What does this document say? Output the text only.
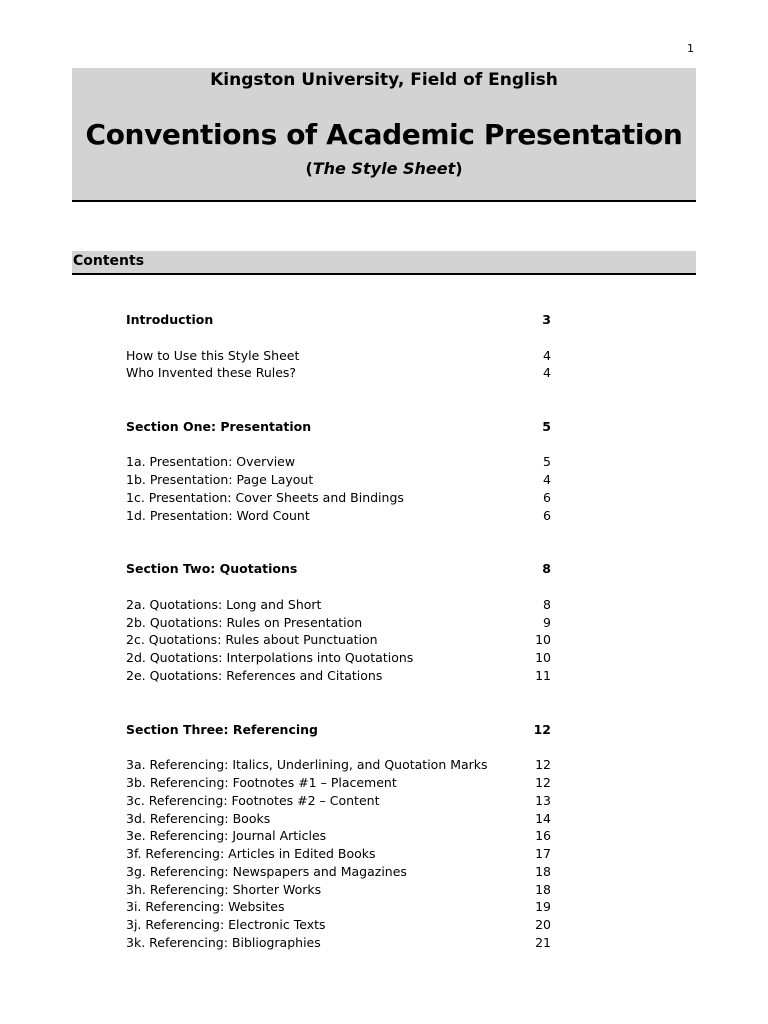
1
Kingston University, Field of English
Conventions of Academic Presentation
(The Style Sheet)
Contents
Introduction	3
How to Use this Style Sheet	4
Who Invented these Rules?	4
Section One: Presentation	5
1a. Presentation: Overview	5
1b. Presentation: Page Layout	4
1c. Presentation: Cover Sheets and Bindings	6
1d. Presentation: Word Count	6
Section Two: Quotations	8
2a. Quotations: Long and Short	8
2b. Quotations: Rules on Presentation	9
2c. Quotations: Rules about Punctuation	10
2d. Quotations: Interpolations into Quotations	10
2e. Quotations: References and Citations	11
Section Three: Referencing	12
3a. Referencing: Italics, Underlining, and Quotation Marks	12
3b. Referencing: Footnotes #1 – Placement	12
3c. Referencing: Footnotes #2 – Content	13
3d. Referencing: Books	14
3e. Referencing: Journal Articles	16
3f. Referencing: Articles in Edited Books	17
3g. Referencing: Newspapers and Magazines	18
3h. Referencing: Shorter Works	18
3i. Referencing: Websites	19
3j. Referencing: Electronic Texts	20
3k. Referencing: Bibliographies	21
